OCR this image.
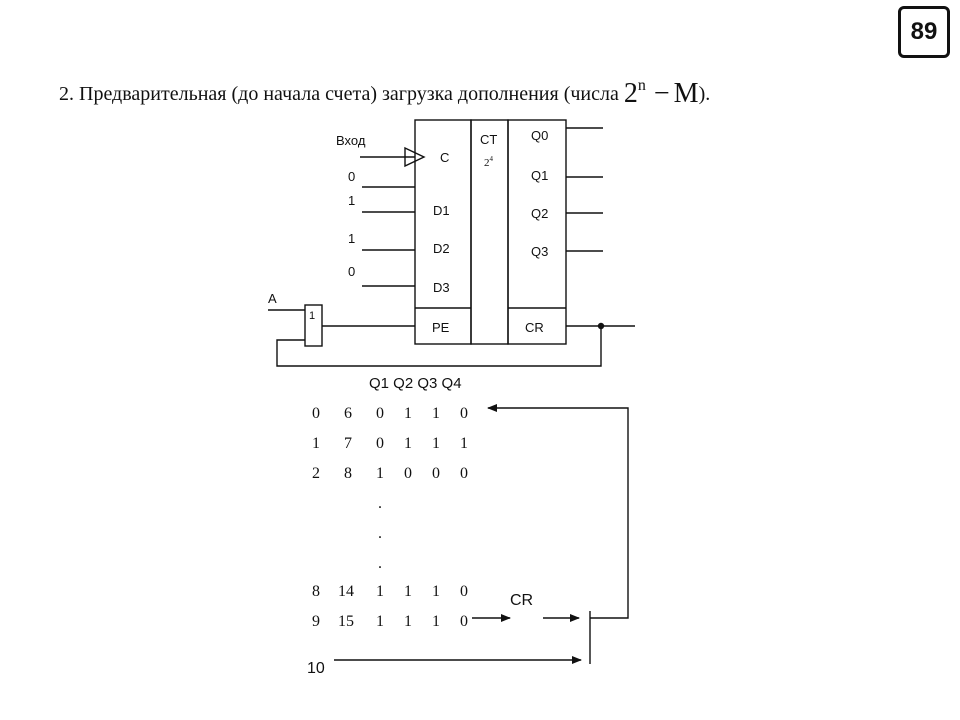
89
2. Предварительная (до начала счета) загрузка дополнения (числа $2^n - M$).
Вход
C
CT
0
1
1
0
D1
D2
D3
Q0
Q1
Q2
Q3
PE	CR
A
1
$2^4$
Q1 Q2 Q3 Q4
0 6 0 1 1 0
1 7 0 1 1 1
2 8 1 0 0 0
.
.
.
8 14 1 1 1 0
9 15 1 1 1 0
CR
10
